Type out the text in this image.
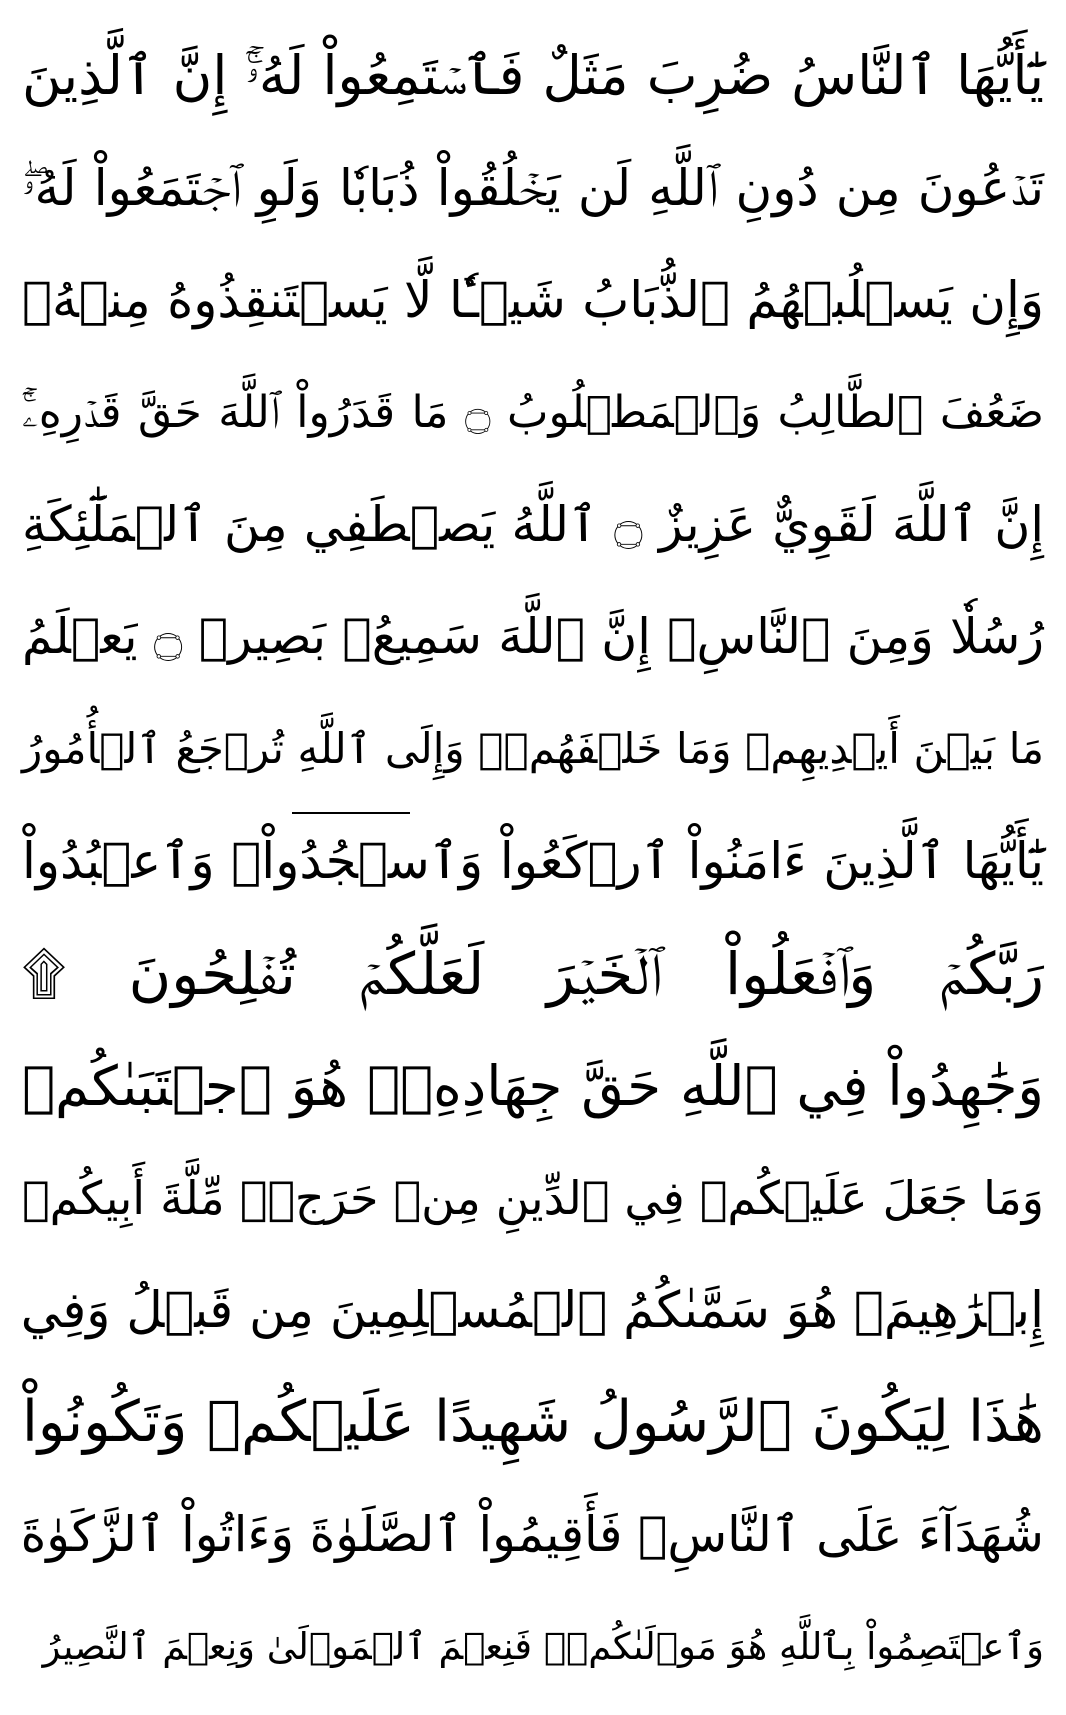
يَٰٓأَيُّهَا ٱلنَّاسُ ضُرِبَ مَثَلٌ فَٱسۡتَمِعُواْ لَهُۥٓۚ إِنَّ ٱلَّذِينَ
تَدۡعُونَ مِن دُونِ ٱللَّهِ لَن يَخۡلُقُواْ ذُبَابٗا وَلَوِ ٱجۡتَمَعُواْ لَهُۥۖ
وَإِن يَسۡلُبۡهُمُ ٱلذُّبَابُ شَيۡـٔٗا لَّا يَسۡتَنقِذُوهُ مِنۡهُۚ
ضَعُفَ ٱلطَّالِبُ وَٱلۡمَطۡلُوبُ ۝ مَا قَدَرُواْ ٱللَّهَ حَقَّ قَدۡرِهِۦٓۚ
إِنَّ ٱللَّهَ لَقَوِيٌّ عَزِيزٌ ۝ ٱللَّهُ يَصۡطَفِي مِنَ ٱلۡمَلَٰٓئِكَةِ
رُسُلٗا وَمِنَ ٱلنَّاسِۚ إِنَّ ٱللَّهَ سَمِيعُۢ بَصِيرٞ ۝ يَعۡلَمُ
مَا بَيۡنَ أَيۡدِيهِمۡ وَمَا خَلۡفَهُمۡۚ وَإِلَى ٱللَّهِ تُرۡجَعُ ٱلۡأُمُورُ
يَٰٓأَيُّهَا ٱلَّذِينَ ءَامَنُواْ ٱرۡكَعُواْ وَٱسۡجُدُواْۤ وَٱعۡبُدُواْ
رَبَّكُمۡ وَٱفۡعَلُواْ ٱلۡخَيۡرَ لَعَلَّكُمۡ تُفۡلِحُونَ ۩
وَجَٰهِدُواْ فِي ٱللَّهِ حَقَّ جِهَادِهِۦۚ هُوَ ٱجۡتَبَىٰكُمۡ
وَمَا جَعَلَ عَلَيۡكُمۡ فِي ٱلدِّينِ مِنۡ حَرَجٖۚ مِّلَّةَ أَبِيكُمۡ
إِبۡرَٰهِيمَۚ هُوَ سَمَّىٰكُمُ ٱلۡمُسۡلِمِينَ مِن قَبۡلُ وَفِي
هَٰذَا لِيَكُونَ ٱلرَّسُولُ شَهِيدًا عَلَيۡكُمۡ وَتَكُونُواْ
شُهَدَآءَ عَلَى ٱلنَّاسِۚ فَأَقِيمُواْ ٱلصَّلَوٰةَ وَءَاتُواْ ٱلزَّكَوٰةَ
وَٱعۡتَصِمُواْ بِٱللَّهِ هُوَ مَوۡلَىٰكُمۡۖ فَنِعۡمَ ٱلۡمَوۡلَىٰ وَنِعۡمَ ٱلنَّصِيرُ
